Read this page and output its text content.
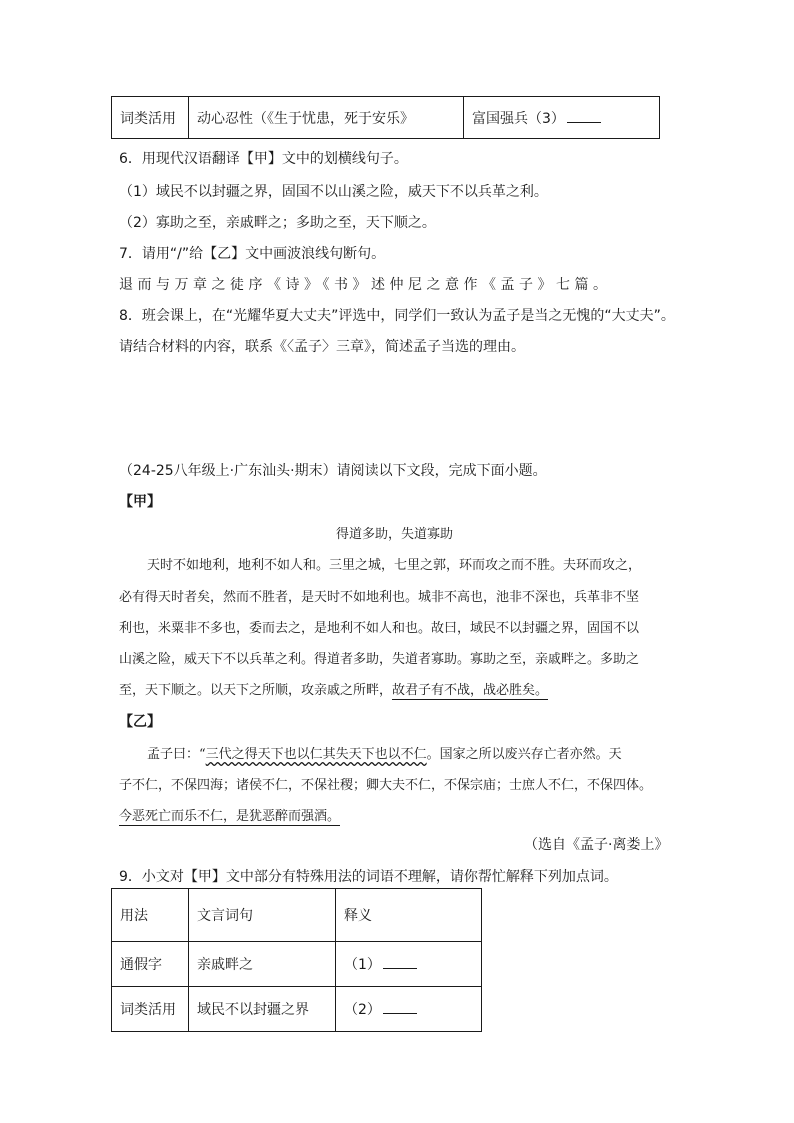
词类活用	动心忍性（《生于忧患，死于安乐》	富国强兵（3）
6．用现代汉语翻译【甲】文中的划横线句子。
（1）域民不以封疆之界，固国不以山溪之险，威天下不以兵革之利。
（2）寡助之至，亲戚畔之；多助之至，天下顺之。
7．请用“/”给【乙】文中画波浪线句断句。
退而与万章之徒序《诗》《书》述仲尼之意作《孟子》七篇。
8．班会课上，在“光耀华夏大丈夫”评选中，同学们一致认为孟子是当之无愧的“大丈夫”。
请结合材料的内容，联系《〈孟子〉三章》，简述孟子当选的理由。
（24-25八年级上·广东汕头·期末）请阅读以下文段，完成下面小题。
【甲】
得道多助，失道寡助
天时不如地利，地利不如人和。三里之城，七里之郭，环而攻之而不胜。夫环而攻之，
必有得天时者矣，然而不胜者，是天时不如地利也。城非不高也，池非不深也，兵革非不坚
利也，米粟非不多也，委而去之，是地利不如人和也。故曰，域民不以封疆之界，固国不以
山溪之险，威天下不以兵革之利。得道者多助，失道者寡助。寡助之至，亲戚畔之。多助之
至，天下顺之。以天下之所顺，攻亲戚之所畔，故君子有不战，战必胜矣。
【乙】
孟子曰：“三代之得天下也以仁其失天下也以不仁。国家之所以废兴存亡者亦然。天
子不仁，不保四海；诸侯不仁，不保社稷；卿大夫不仁，不保宗庙；士庶人不仁，不保四体。
今恶死亡而乐不仁，是犹恶醉而强酒。
（选自《孟子·离娄上》
9．小文对【甲】文中部分有特殊用法的词语不理解，请你帮忙解释下列加点词。
用法	文言词句	释义
通假字	亲戚畔之	（1）
词类活用	域民不以封疆之界	（2）
